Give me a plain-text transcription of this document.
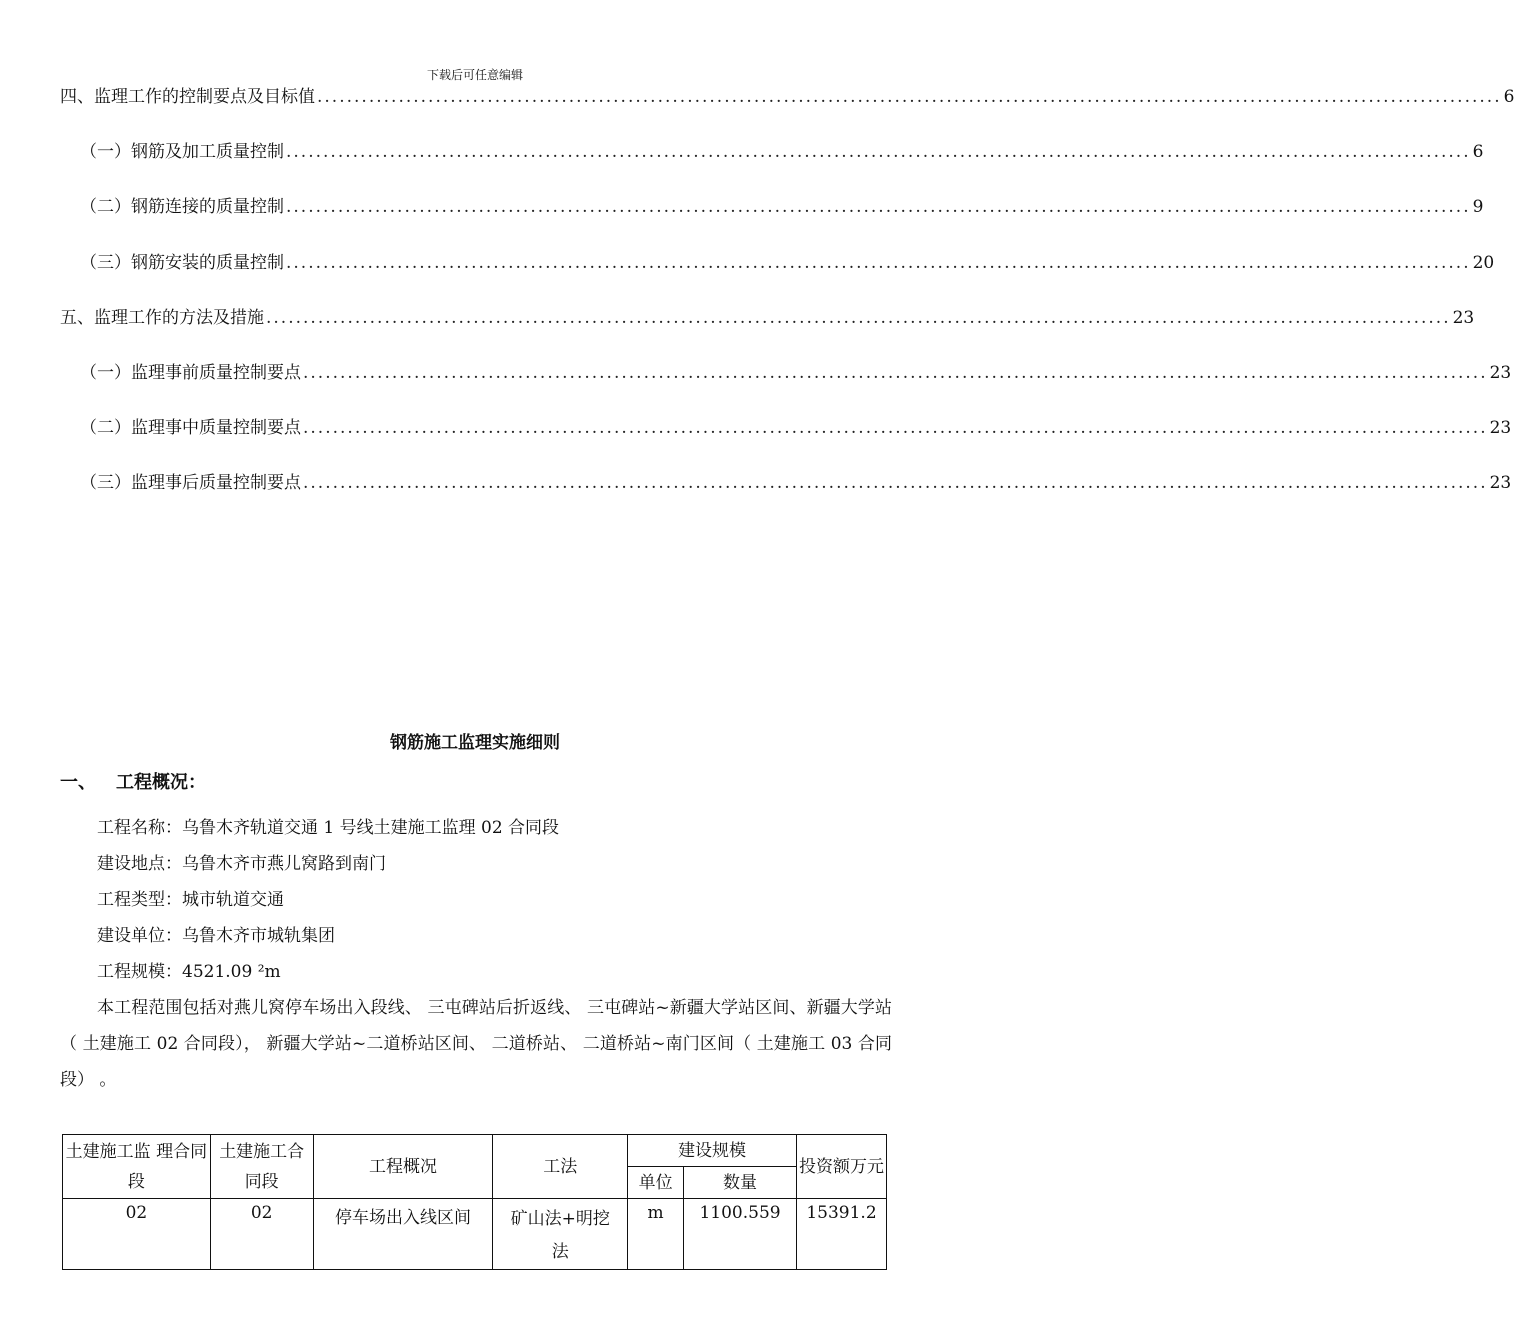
下载后可任意编辑
四、 监理工作的控制要点及目标值 ................................................................................................................................................................ 6
（一） 钢筋及加工质量控制 ................................................................................................................................................................ 6
（二） 钢筋连接的质量控制 ................................................................................................................................................................ 9
（三） 钢筋安装的质量控制 ................................................................................................................................................................ 20
五、 监理工作的方法及措施 ................................................................................................................................................................ 23
（一） 监理事前质量控制要点 ................................................................................................................................................................ 23
（二） 监理事中质量控制要点 ................................................................................................................................................................ 23
（三） 监理事后质量控制要点 ................................................................................................................................................................ 23
钢筋施工监理实施细则
一、 工程概况：
工程名称：乌鲁木齐轨道交通 1 号线土建施工监理 02 合同段
建设地点：乌鲁木齐市燕儿窝路到南门
工程类型：城市轨道交通
建设单位：乌鲁木齐市城轨集团
工程规模：4521.09 ²m
本工程范围包括对燕儿窝停车场出入段线、 三屯碑站后折返线、 三屯碑站~新疆大学站区间、新疆大学站（ 土建施工 02 合同段）， 新疆大学站~二道桥站区间、 二道桥站、 二道桥站~南门区间（ 土建施工 03 合同段） 。
土建施工监 理合同段	土建施工合同段	工程概况	工法	建设规模		投资额万元
				单位	数量	
02	02	停车场出入线区间	矿山法+明挖法	m	1100.559	15391.2
